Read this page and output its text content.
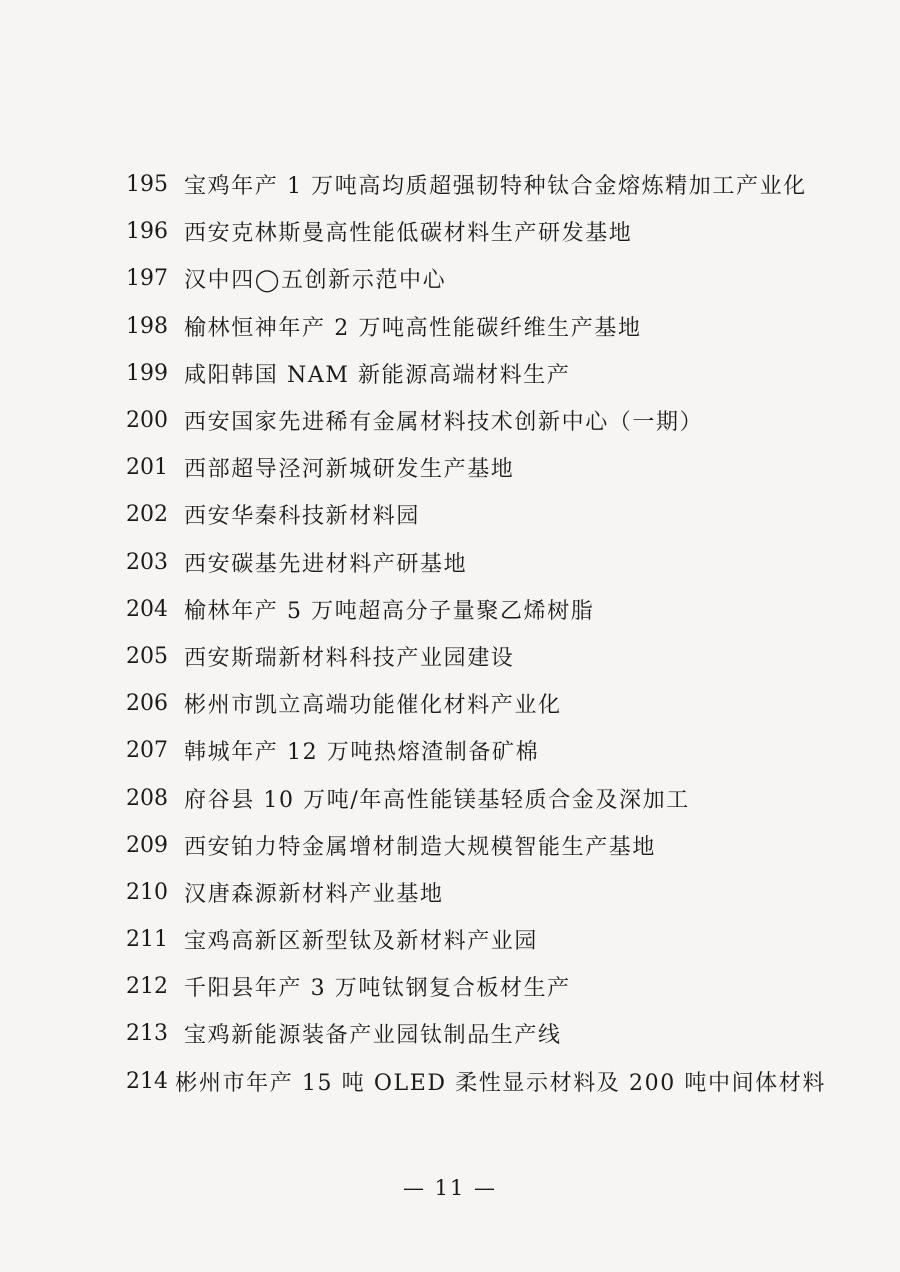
195 宝鸡年产 1 万吨高均质超强韧特种钛合金熔炼精加工产业化
196 西安克林斯曼高性能低碳材料生产研发基地
197 汉中四◯五创新示范中心
198 榆林恒神年产 2 万吨高性能碳纤维生产基地
199 咸阳韩国 NAM 新能源高端材料生产
200 西安国家先进稀有金属材料技术创新中心（一期）
201 西部超导泾河新城研发生产基地
202 西安华秦科技新材料园
203 西安碳基先进材料产研基地
204 榆林年产 5 万吨超高分子量聚乙烯树脂
205 西安斯瑞新材料科技产业园建设
206 彬州市凯立高端功能催化材料产业化
207 韩城年产 12 万吨热熔渣制备矿棉
208 府谷县 10 万吨/年高性能镁基轻质合金及深加工
209 西安铂力特金属增材制造大规模智能生产基地
210 汉唐森源新材料产业基地
211 宝鸡高新区新型钛及新材料产业园
212 千阳县年产 3 万吨钛钢复合板材生产
213 宝鸡新能源装备产业园钛制品生产线
214 彬州市年产 15 吨 OLED 柔性显示材料及 200 吨中间体材料
— 11 —
